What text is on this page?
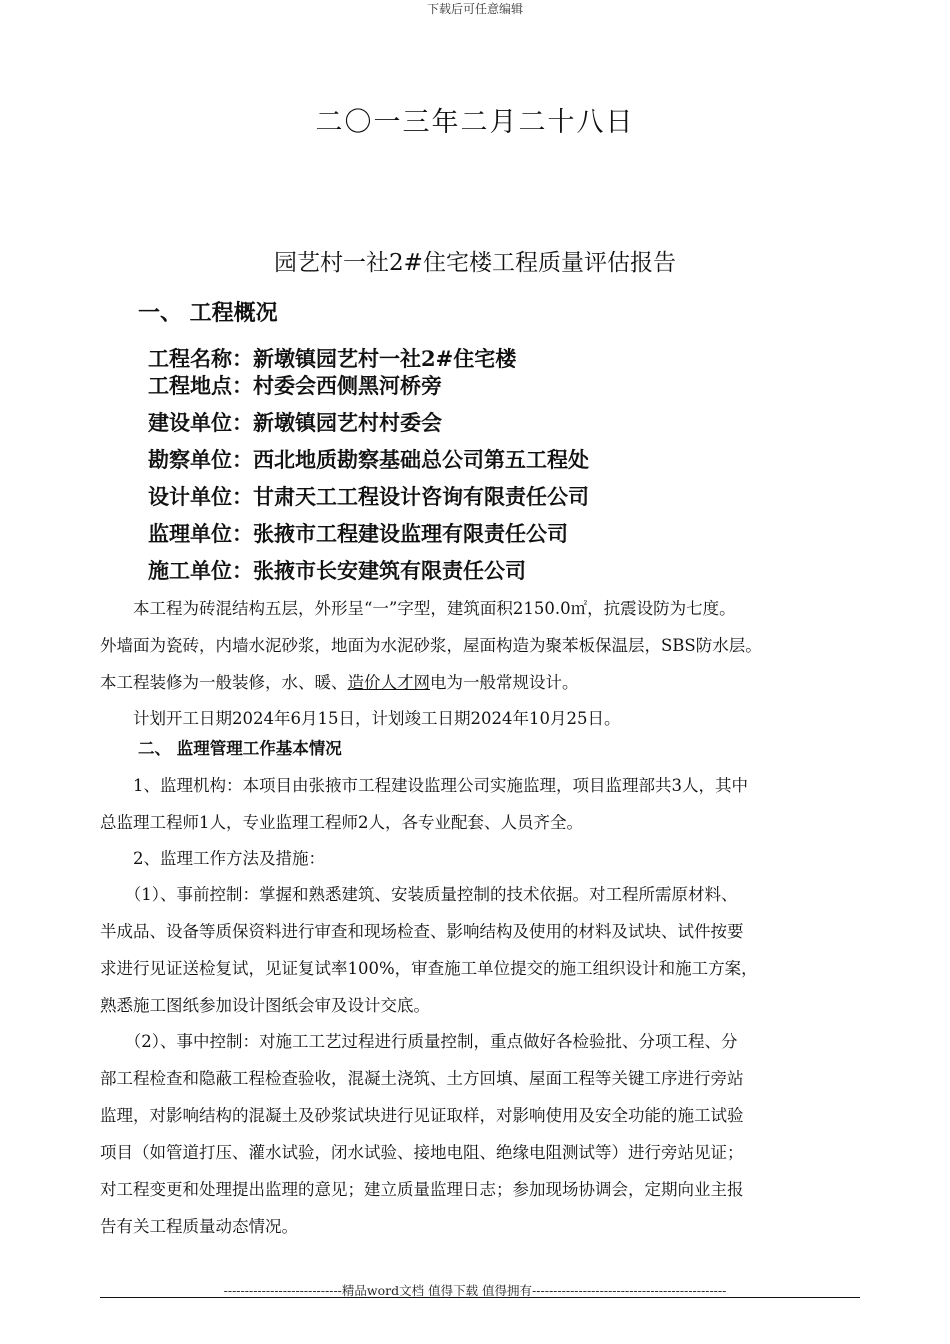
下载后可任意编辑
二〇一三年二月二十八日
园艺村一社2#住宅楼工程质量评估报告
一、 工程概况
工程名称：新墩镇园艺村一社2#住宅楼
工程地点：村委会西侧黑河桥旁
建设单位：新墩镇园艺村村委会
勘察单位：西北地质勘察基础总公司第五工程处
设计单位：甘肃天工工程设计咨询有限责任公司
监理单位：张掖市工程建设监理有限责任公司
施工单位：张掖市长安建筑有限责任公司
　　本工程为砖混结构五层，外形呈“一”字型，建筑面积2150.0㎡，抗震设防为七度。
外墙面为瓷砖，内墙水泥砂浆，地面为水泥砂浆，屋面构造为聚苯板保温层，SBS防水层。
本工程装修为一般装修，水、暖、造价人才网电为一般常规设计。
　　计划开工日期2024年6月15日，计划竣工日期2024年10月25日。
二、 监理管理工作基本情况
　　1、监理机构：本项目由张掖市工程建设监理公司实施监理，项目监理部共3人，其中
总监理工程师1人，专业监理工程师2人，各专业配套、人员齐全。
　　2、监理工作方法及措施：
　　（1）、事前控制：掌握和熟悉建筑、安装质量控制的技术依据。对工程所需原材料、
半成品、设备等质保资料进行审查和现场检查、影响结构及使用的材料及试块、试件按要
求进行见证送检复试，见证复试率100%，审查施工单位提交的施工组织设计和施工方案，
熟悉施工图纸参加设计图纸会审及设计交底。
　　（2）、事中控制：对施工工艺过程进行质量控制，重点做好各检验批、分项工程、分
部工程检查和隐蔽工程检查验收，混凝土浇筑、土方回填、屋面工程等关键工序进行旁站
监理，对影响结构的混凝土及砂浆试块进行见证取样，对影响使用及安全功能的施工试验
项目（如管道打压、灌水试验，闭水试验、接地电阻、绝缘电阻测试等）进行旁站见证；
对工程变更和处理提出监理的意见；建立质量监理日志；参加现场协调会，定期向业主报
告有关工程质量动态情况。
----------------------------精品word文档 值得下载 值得拥有----------------------------------------------
